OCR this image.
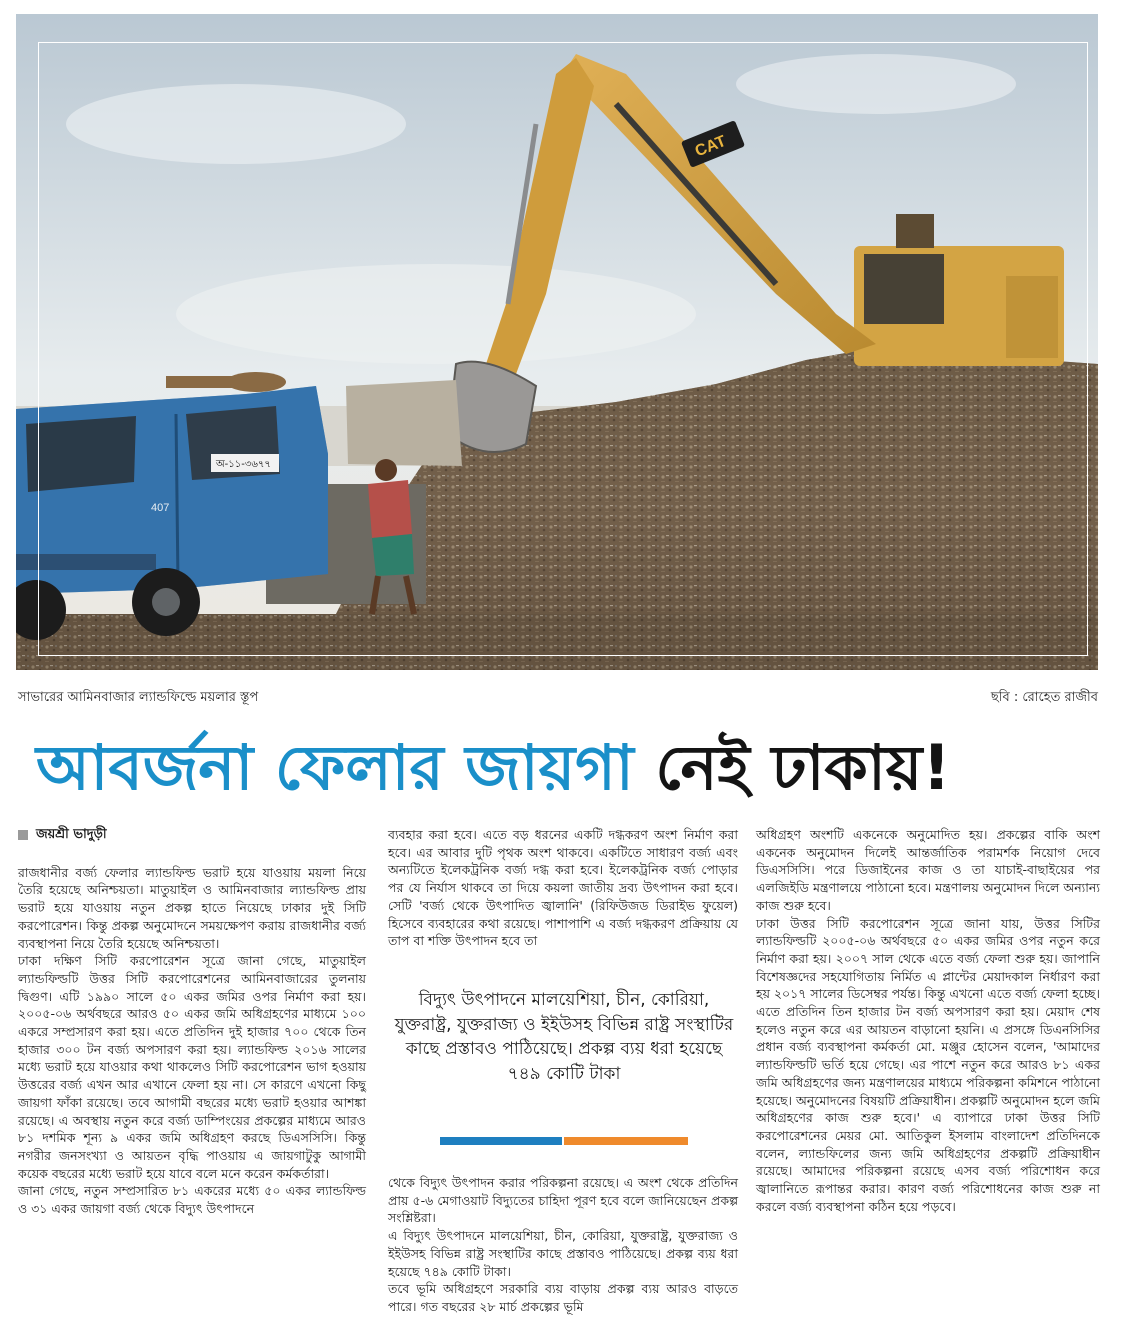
CAT
অ-১১-৩৬৭৭
407
সাভারের আমিনবাজার ল্যান্ডফিল্ডে ময়লার স্তূপ	ছবি : রোহেত রাজীব
আবর্জনা ফেলার জায়গা নেই ঢাকায়!
জয়শ্রী ভাদুড়ী

রাজধানীর বর্জ্য ফেলার ল্যান্ডফিল্ড ভরাট হয়ে যাওয়ায় ময়লা নিয়ে তৈরি হয়েছে অনিশ্চয়তা। মাতুয়াইল ও আমিনবাজার ল্যান্ডফিল্ড প্রায় ভরাট হয়ে যাওয়ায় নতুন প্রকল্প হাতে নিয়েছে ঢাকার দুই সিটি করপোরেশন। কিন্তু প্রকল্প অনুমোদনে সময়ক্ষেপণ করায় রাজধানীর বর্জ্য ব্যবস্থাপনা নিয়ে তৈরি হয়েছে অনিশ্চয়তা।

ঢাকা দক্ষিণ সিটি করপোরেশন সূত্রে জানা গেছে, মাতুয়াইল ল্যান্ডফিল্ডটি উত্তর সিটি করপোরেশনের আমিনবাজারের তুলনায় দ্বিগুণ। এটি ১৯৯০ সালে ৫০ একর জমির ওপর নির্মাণ করা হয়। ২০০৫-০৬ অর্থবছরে আরও ৫০ একর জমি অধিগ্রহণের মাধ্যমে ১০০ একরে সম্প্রসারণ করা হয়। এতে প্রতিদিন দুই হাজার ৭০০ থেকে তিন হাজার ৩০০ টন বর্জ্য অপসারণ করা হয়। ল্যান্ডফিল্ড ২০১৬ সালের মধ্যে ভরাট হয়ে যাওয়ার কথা থাকলেও সিটি করপোরেশন ভাগ হওয়ায় উত্তরের বর্জ্য এখন আর এখানে ফেলা হয় না। সে কারণে এখনো কিছু জায়গা ফাঁকা রয়েছে। তবে আগামী বছরের মধ্যে ভরাট হওয়ার আশঙ্কা রয়েছে। এ অবস্থায় নতুন করে বর্জ্য ডাম্পিংয়ের প্রকল্পের মাধ্যমে আরও ৮১ দশমিক শূন্য ৯ একর জমি অধিগ্রহণ করছে ডিএসসিসি। কিন্তু নগরীর জনসংখ্যা ও আয়তন বৃদ্ধি পাওয়ায় এ জায়গাটুকু আগামী কয়েক বছরের মধ্যে ভরাট হয়ে যাবে বলে মনে করেন কর্মকর্তারা।

জানা গেছে, নতুন সম্প্রসারিত ৮১ একরের মধ্যে ৫০ একর ল্যান্ডফিল্ড ও ৩১ একর জায়গা বর্জ্য থেকে বিদ্যুৎ উৎপাদনে

ব্যবহার করা হবে। এতে বড় ধরনের একটি দগ্ধকরণ অংশ নির্মাণ করা হবে। এর আবার দুটি পৃথক অংশ থাকবে। একটিতে সাধারণ বর্জ্য এবং অন্যটিতে ইলেকট্রনিক বর্জ্য দগ্ধ করা হবে। ইলেকট্রনিক বর্জ্য পোড়ার পর যে নির্যাস থাকবে তা দিয়ে কয়লা জাতীয় দ্রব্য উৎপাদন করা হবে। সেটি 'বর্জ্য থেকে উৎপাদিত জ্বালানি' (রিফিউজড ডিরাইভ ফুয়েল) হিসেবে ব্যবহারের কথা রয়েছে। পাশাপাশি এ বর্জ্য দগ্ধকরণ প্রক্রিয়ায় যে তাপ বা শক্তি উৎপাদন হবে তা

থেকে বিদ্যুৎ উৎপাদন করার পরিকল্পনা রয়েছে। এ অংশ থেকে প্রতিদিন প্রায় ৫-৬ মেগাওয়াট বিদ্যুতের চাহিদা পূরণ হবে বলে জানিয়েছেন প্রকল্প সংশ্লিষ্টরা।

এ বিদ্যুৎ উৎপাদনে মালয়েশিয়া, চীন, কোরিয়া, যুক্তরাষ্ট্র, যুক্তরাজ্য ও ইইউসহ বিভিন্ন রাষ্ট্র সংস্থাটির কাছে প্রস্তাবও পাঠিয়েছে। প্রকল্প ব্যয় ধরা হয়েছে ৭৪৯ কোটি টাকা।

তবে ভূমি অধিগ্রহণে সরকারি ব্যয় বাড়ায় প্রকল্প ব্যয় আরও বাড়তে পারে। গত বছরের ২৮ মার্চ প্রকল্পের ভূমি

বিদ্যুৎ উৎপাদনে মালয়েশিয়া, চীন, কোরিয়া, যুক্তরাষ্ট্র, যুক্তরাজ্য ও ইইউসহ বিভিন্ন রাষ্ট্র সংস্থাটির কাছে প্রস্তাবও পাঠিয়েছে। প্রকল্প ব্যয় ধরা হয়েছে ৭৪৯ কোটি টাকা

অধিগ্রহণ অংশটি একনেকে অনুমোদিত হয়। প্রকল্পের বাকি অংশ একনেক অনুমোদন দিলেই আন্তর্জাতিক পরামর্শক নিয়োগ দেবে ডিএসসিসি। পরে ডিজাইনের কাজ ও তা যাচাই-বাছাইয়ের পর এলজিইডি মন্ত্রণালয়ে পাঠানো হবে। মন্ত্রণালয় অনুমোদন দিলে অন্যান্য কাজ শুরু হবে।

ঢাকা উত্তর সিটি করপোরেশন সূত্রে জানা যায়, উত্তর সিটির ল্যান্ডফিল্ডটি ২০০৫-০৬ অর্থবছরে ৫০ একর জমির ওপর নতুন করে নির্মাণ করা হয়। ২০০৭ সাল থেকে এতে বর্জ্য ফেলা শুরু হয়। জাপানি বিশেষজ্ঞদের সহযোগিতায় নির্মিত এ প্লান্টের মেয়াদকাল নির্ধারণ করা হয় ২০১৭ সালের ডিসেম্বর পর্যন্ত। কিন্তু এখনো এতে বর্জ্য ফেলা হচ্ছে। এতে প্রতিদিন তিন হাজার টন বর্জ্য অপসারণ করা হয়। মেয়াদ শেষ হলেও নতুন করে এর আয়তন বাড়ানো হয়নি। এ প্রসঙ্গে ডিএনসিসির প্রধান বর্জ্য ব্যবস্থাপনা কর্মকর্তা মো. মঞ্জুর হোসেন বলেন, 'আমাদের ল্যান্ডফিল্ডটি ভর্তি হয়ে গেছে। এর পাশে নতুন করে আরও ৮১ একর জমি অধিগ্রহণের জন্য মন্ত্রণালয়ের মাধ্যমে পরিকল্পনা কমিশনে পাঠানো হয়েছে। অনুমোদনের বিষয়টি প্রক্রিয়াধীন। প্রকল্পটি অনুমোদন হলে জমি অধিগ্রহণের কাজ শুরু হবে।' এ ব্যাপারে ঢাকা উত্তর সিটি করপোরেশনের মেয়র মো. আতিকুল ইসলাম বাংলাদেশ প্রতিদিনকে বলেন, ল্যান্ডফিলের জন্য জমি অধিগ্রহণের প্রকল্পটি প্রক্রিয়াধীন রয়েছে। আমাদের পরিকল্পনা রয়েছে এসব বর্জ্য পরিশোধন করে জ্বালানিতে রূপান্তর করার। কারণ বর্জ্য পরিশোধনের কাজ শুরু না করলে বর্জ্য ব্যবস্থাপনা কঠিন হয়ে পড়বে।
